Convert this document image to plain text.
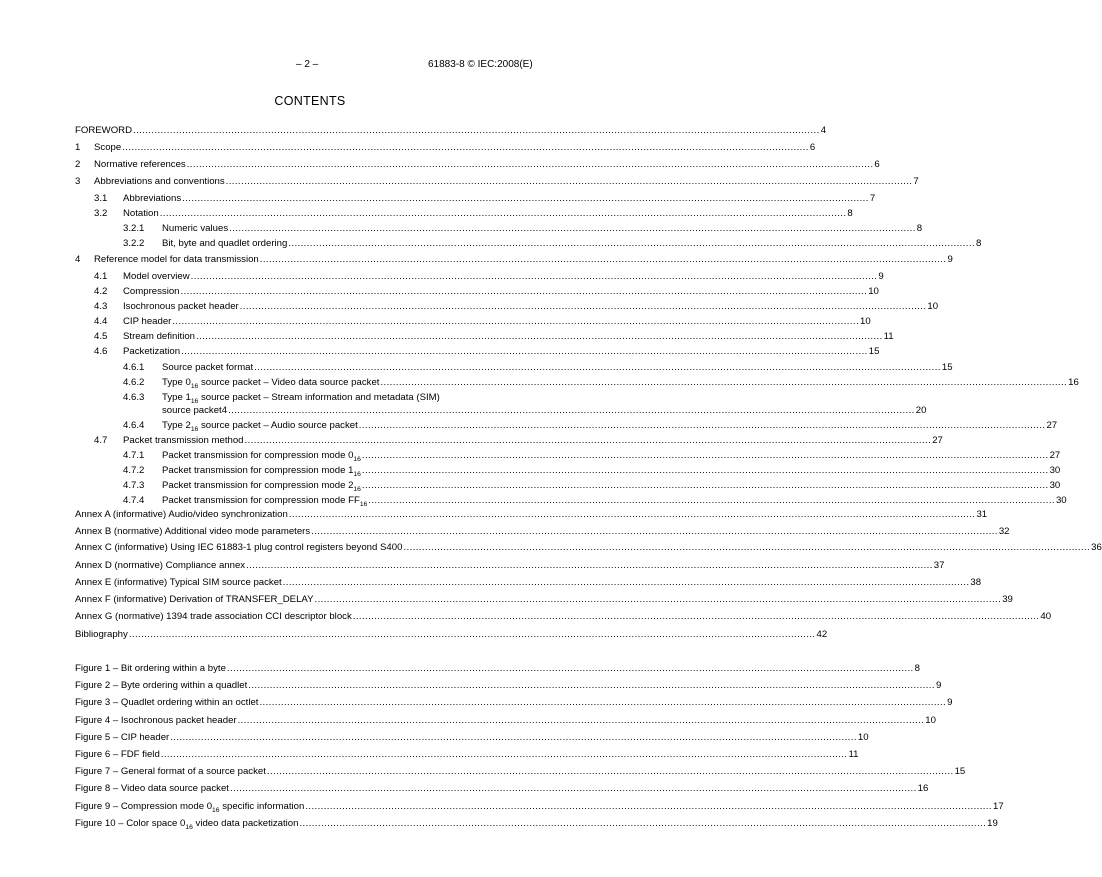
– 2 –	61883-8 © IEC:2008(E)
CONTENTS
FOREWORD .....	4
1	Scope .....	6
2	Normative references .....	6
3	Abbreviations and conventions .....	7
3.1	Abbreviations .....	7
3.2	Notation .....	8
3.2.1	Numeric values .....	8
3.2.2	Bit, byte and quadlet ordering .....	8
4	Reference model for data transmission .....	9
4.1	Model overview .....	9
4.2	Compression .....	10
4.3	Isochronous packet header .....	10
4.4	CIP header .....	10
4.5	Stream definition .....	11
4.6	Packetization .....	15
4.6.1	Source packet format .....	15
4.6.2	Type $0_{16}$ source packet – Video data source packet .....	16
4.6.3	Type $1_{16}$ source packet – Stream information and metadata (SIM)
source packet4 .....	20
4.6.4	Type $2_{16}$ source packet – Audio source packet .....	27
4.7	Packet transmission method .....	27
4.7.1	Packet transmission for compression mode $0_{16}$ .....	27
4.7.2	Packet transmission for compression mode $1_{16}$ .....	30
4.7.3	Packet transmission for compression mode $2_{16}$ .....	30
4.7.4	Packet transmission for compression mode $FF_{16}$ .....	30
Annex A (informative) Audio/video synchronization .....	31
Annex B (normative) Additional video mode parameters .....	32
Annex C (informative) Using IEC 61883-1 plug control registers beyond S400 .....	36
Annex D (normative) Compliance annex .....	37
Annex E (informative) Typical SIM source packet .....	38
Annex F (informative) Derivation of TRANSFER_DELAY .....	39
Annex G (normative) 1394 trade association CCI descriptor block .....	40
Bibliography .....	42
Figure 1 – Bit ordering within a byte .....	8
Figure 2 – Byte ordering within a quadlet .....	9
Figure 3 – Quadlet ordering within an octlet .....	9
Figure 4 – Isochronous packet header .....	10
Figure 5 – CIP header .....	10
Figure 6 – FDF field .....	11
Figure 7 – General format of a source packet .....	15
Figure 8 – Video data source packet .....	16
Figure 9 – Compression mode $0_{16}$ specific information .....	17
Figure 10 – Color space $0_{16}$ video data packetization .....	19
